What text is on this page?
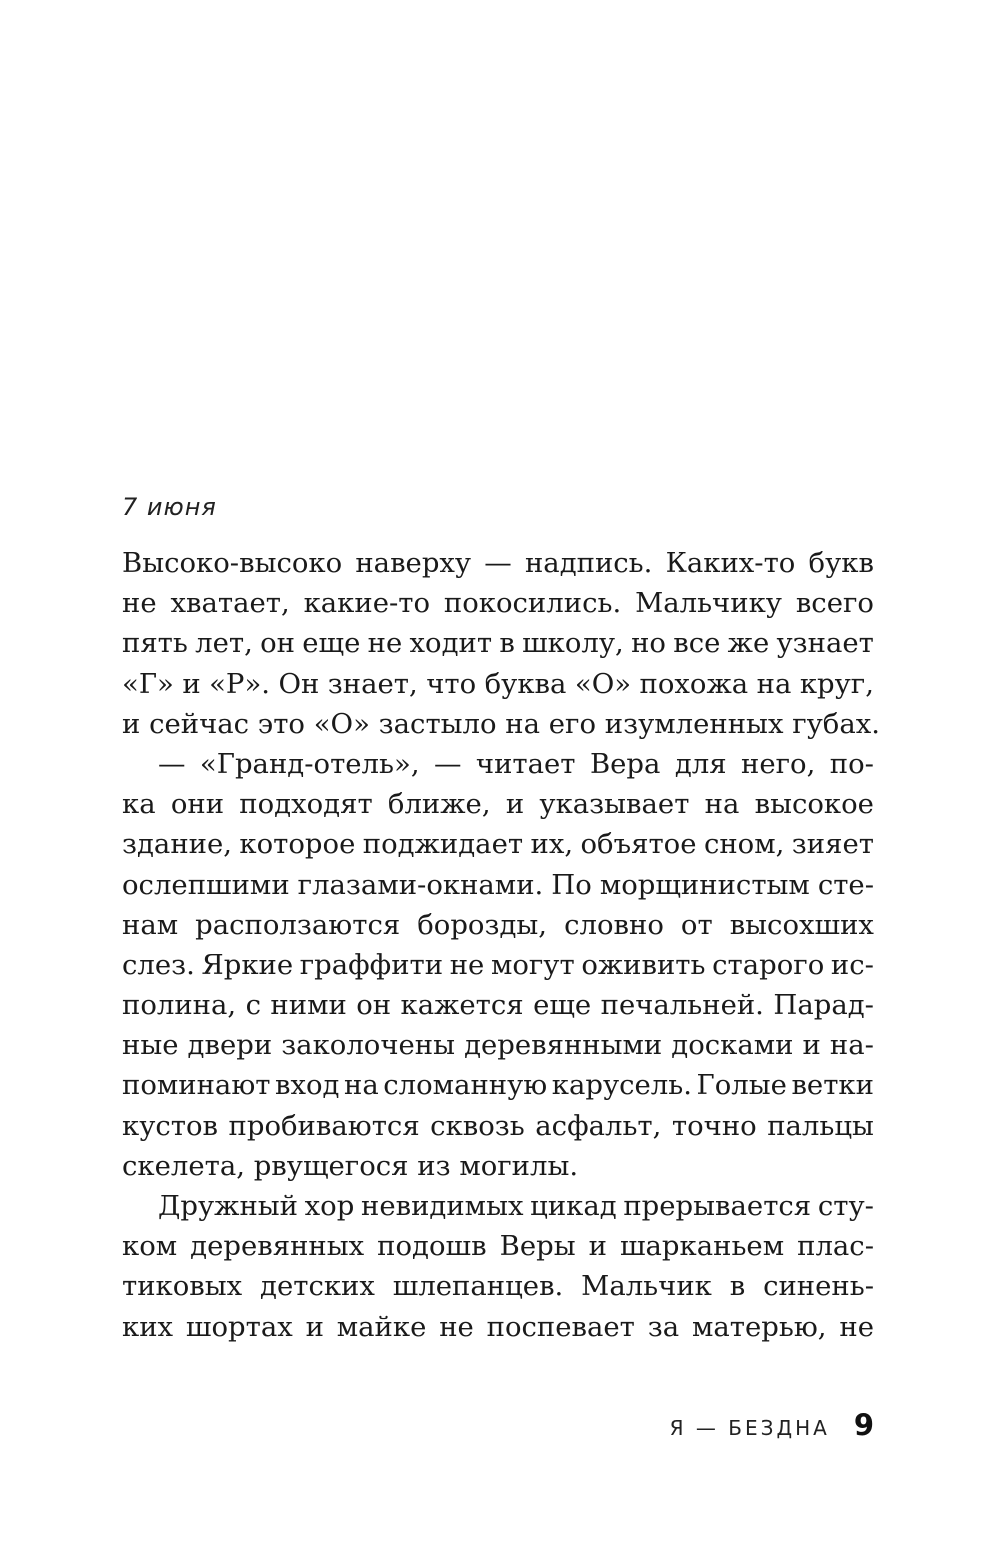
7 июня
Высоко-высоко наверху — надпись. Каких-то букв
не хватает, какие-то покосились. Мальчику всего
пять лет, он еще не ходит в школу, но все же узнает
«Г» и «Р». Он знает, что буква «О» похожа на круг,
и сейчас это «О» застыло на его изумленных губах.
— «Гранд-отель», — читает Вера для него, по-
ка они подходят ближе, и указывает на высокое
здание, которое поджидает их, объятое сном, зияет
ослепшими глазами-окнами. По морщинистым сте-
нам расползаются борозды, словно от высохших
слез. Яркие граффити не могут оживить старого ис-
полина, с ними он кажется еще печальней. Парад-
ные двери заколочены деревянными досками и на-
поминают вход на сломанную карусель. Голые ветки
кустов пробиваются сквозь асфальт, точно пальцы
скелета, рвущегося из могилы.
Дружный хор невидимых цикад прерывается сту-
ком деревянных подошв Веры и шарканьем плас-
тиковых детских шлепанцев. Мальчик в синень-
ких шортах и майке не поспевает за матерью, не
Я — БЕЗДНА 9
